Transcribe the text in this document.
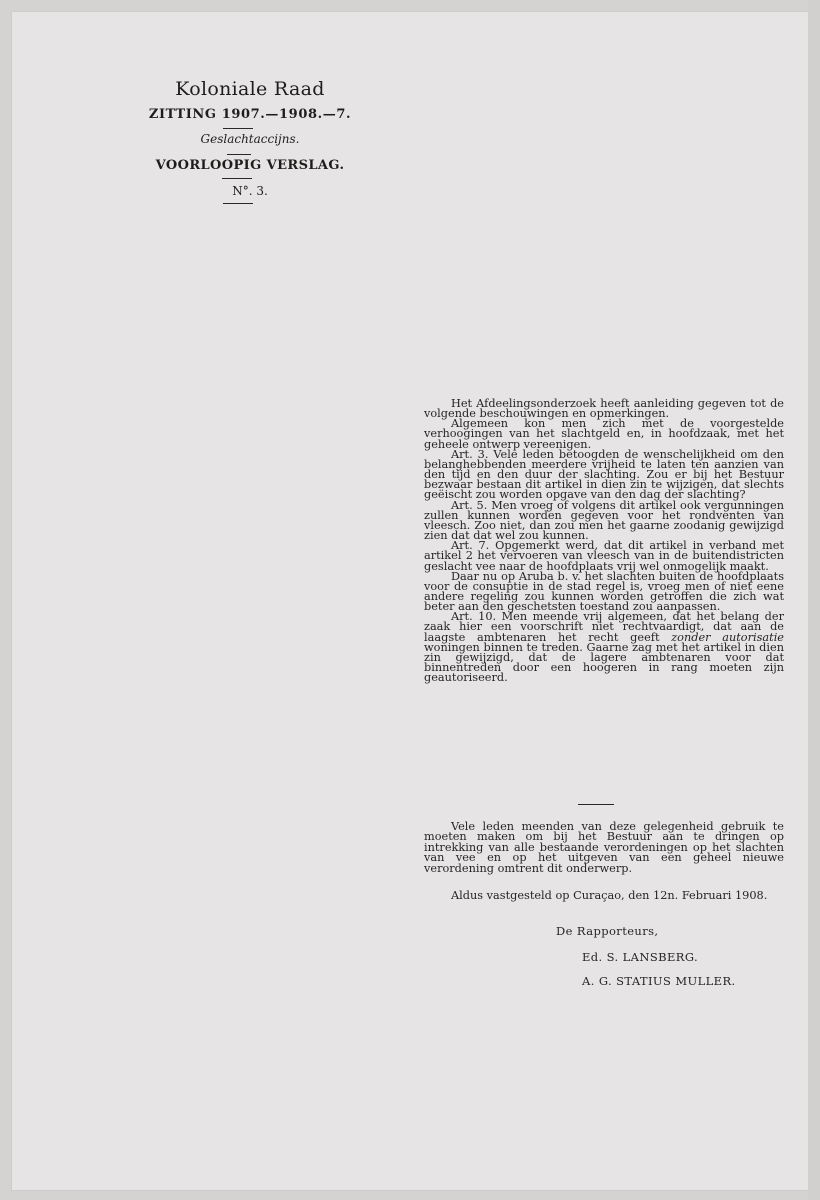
Koloniale Raad
ZITTING 1907.—1908.—7.
Geslachtaccijns.
VOORLOOPIG VERSLAG.
N°. 3.

Het Afdeelingsonderzoek heeft aanleiding gegeven tot de volgende beschouwingen en opmerkingen.

Algemeen kon men zich met de voorgestelde verhoogingen van het slachtgeld en, in hoofdzaak, met het geheele ontwerp vereenigen.

Art. 3. Vele leden betoogden de wenschelijkheid om den belanghebbenden meerdere vrijheid te laten ten aanzien van den tijd en den duur der slachting. Zou er bij het Bestuur bezwaar bestaan dit artikel in dien zin te wijzigen, dat slechts geëischt zou worden opgave van den dag der slachting?

Art. 5. Men vroeg of volgens dit artikel ook vergunningen zullen kunnen worden gegeven voor het rondventen van vleesch. Zoo niet, dan zou men het gaarne zoodanig gewijzigd zien dat dat wel zou kunnen.

Art. 7. Opgemerkt werd, dat dit artikel in verband met artikel 2 het vervoeren van vleesch van in de buitendistricten geslacht vee naar de hoofdplaats vrij wel onmogelijk maakt.

Daar nu op Aruba b. v. het slachten buiten de hoofdplaats voor de consuptie in de stad regel is, vroeg men of niet eene andere regeling zou kunnen worden getroffen die zich wat beter aan den geschetsten toestand zou aanpassen.

Art. 10. Men meende vrij algemeen, dat het belang der zaak hier een voorschrift niet rechtvaardigt, dat aan de laagste ambtenaren het recht geeft zonder autorisatie woningen binnen te treden. Gaarne zag met het artikel in dien zin gewijzigd, dat de lagere ambtenaren voor dat binnentreden door een hoogeren in rang moeten zijn geautoriseerd.

Vele leden meenden van deze gelegenheid gebruik te moeten maken om bij het Bestuur aan te dringen op intrekking van alle bestaande verordeningen op het slachten van vee en op het uitgeven van een geheel nieuwe verordening omtrent dit onderwerp.

Aldus vastgesteld op Curaçao, den 12n. Februari 1908.

De Rapporteurs,
Ed. S. LANSBERG.
A. G. STATIUS MULLER.
